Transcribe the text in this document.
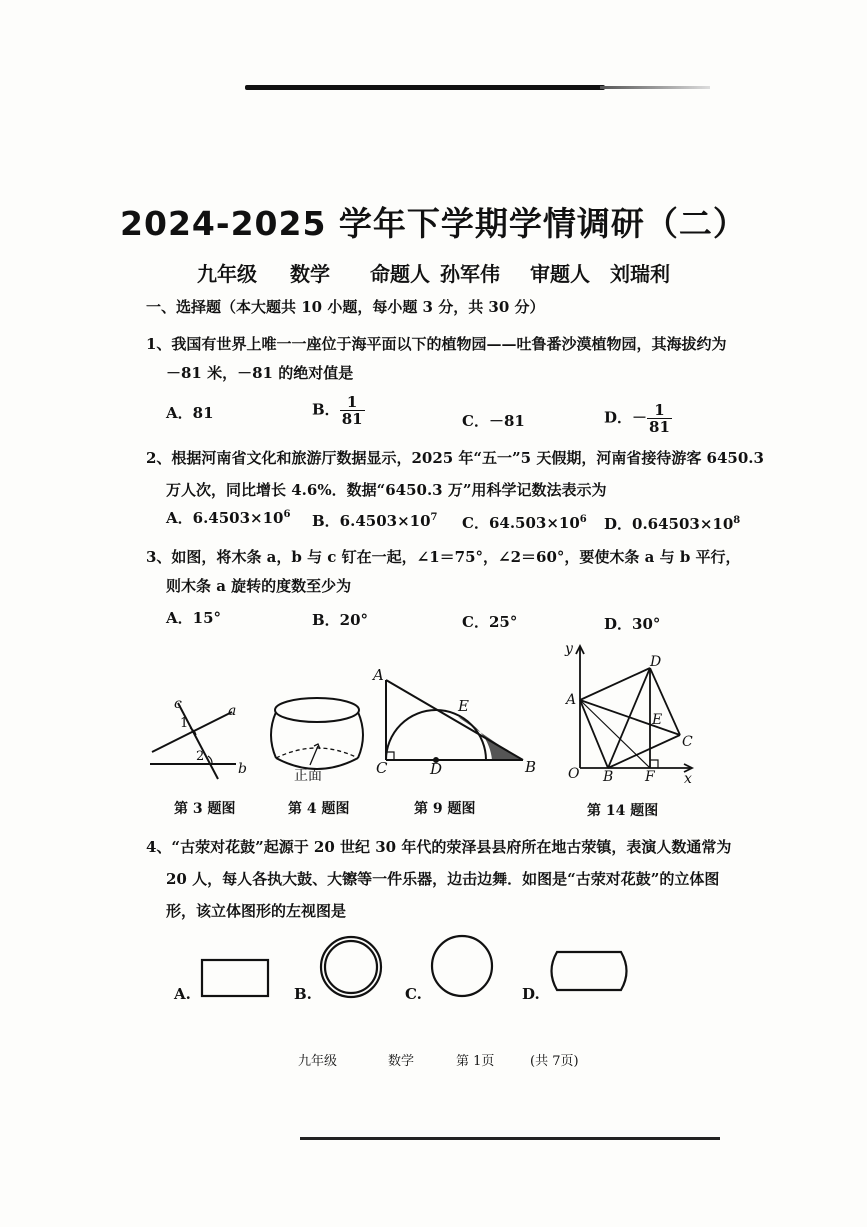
2024-2025 学年下学期学情调研（二）
九年级 数学 命题人 孙军伟 审题人 刘瑞利
一、选择题（本大题共 10 小题，每小题 3 分，共 30 分）
1、我国有世界上唯一一座位于海平面以下的植物园——吐鲁番沙漠植物园，其海拔约为
－81 米，－81 的绝对值是
A．81	B． $\frac{1}{81}$	C．－81	D．－ $\frac{1}{81}$
2、根据河南省文化和旅游厅数据显示，2025 年“五一”5 天假期，河南省接待游客 6450.3
万人次，同比增长 4.6%．数据“6450.3 万”用科学记数法表示为
A．$6.4503\times 10^6$ B．$6.4503\times 10^7$ C．$64.503\times 10^6$ D．$0.64503\times 10^8$
3、如图，将木条 a，b 与 c 钉在一起，∠1＝75°，∠2＝60°，要使木条 a 与 b 平行，
则木条 a 旋转的度数至少为
A．15°	B．20°	C．25°	D．30°
c
1
a
2
b	正面
A
E
C	D	B
y
D
A
E
C
O B F x
第 3 题图	第 4 题图	第 9 题图	第 14 题图
4、“古荥对花鼓”起源于 20 世纪 30 年代的荥泽县县府所在地古荥镇，表演人数通常为
20 人，每人各执大鼓、大镲等一件乐器，边击边舞．如图是“古荥对花鼓”的立体图
形，该立体图形的左视图是
A.	B.	C.	D.
九年级	数学	第 1页	(共 7页)
